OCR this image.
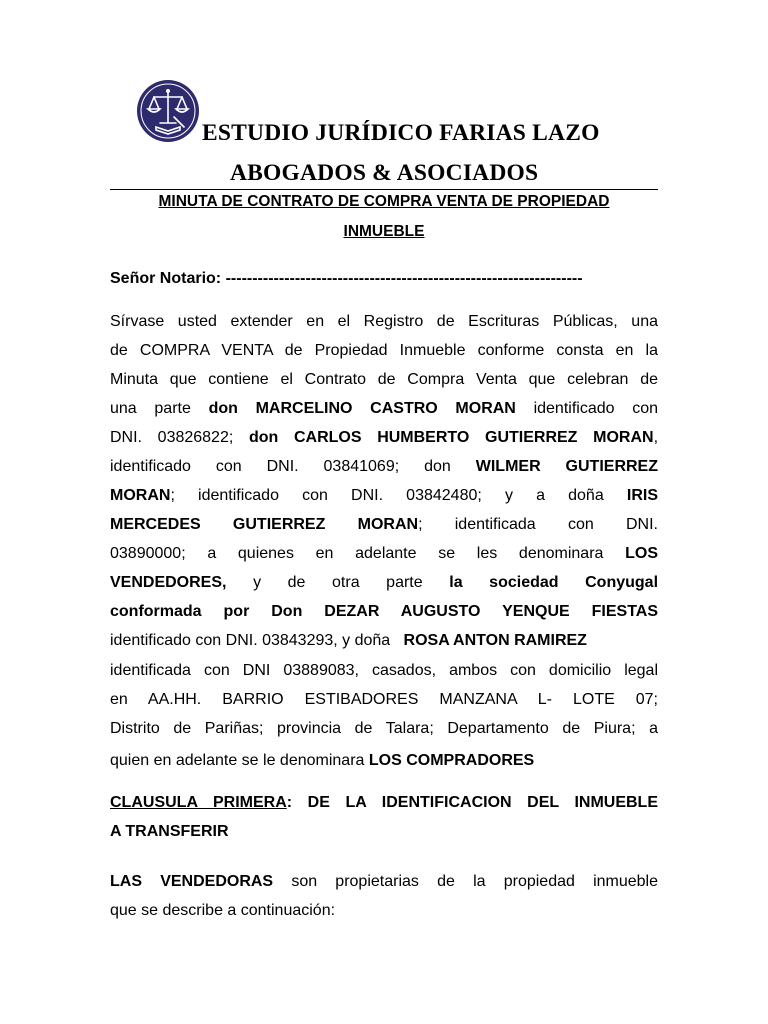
ESTUDIO JURÍDICO FARIAS LAZO
ABOGADOS & ASOCIADOS
MINUTA DE CONTRATO DE COMPRA VENTA DE PROPIEDAD
INMUEBLE
Señor Notario: -------------------------------------------------------------------
Sírvase usted extender en el Registro de Escrituras Públicas, una
de COMPRA VENTA de Propiedad Inmueble conforme consta en la
Minuta que contiene el Contrato de Compra Venta que celebran de
una parte don MARCELINO CASTRO MORAN identificado con
DNI. 03826822; don CARLOS HUMBERTO GUTIERREZ MORAN,
identificado con DNI. 03841069; don WILMER GUTIERREZ
MORAN; identificado con DNI. 03842480; y a doña IRIS
MERCEDES GUTIERREZ MORAN; identificada con DNI.
03890000; a quienes en adelante se les denominara LOS
VENDEDORES, y de otra parte la sociedad Conyugal
conformada por Don DEZAR AUGUSTO YENQUE FIESTAS
identificado con DNI. 03843293, y doña ROSA ANTON RAMIREZ
identificada con DNI 03889083, casados, ambos con domicilio legal
en AA.HH. BARRIO ESTIBADORES MANZANA L- LOTE 07;
Distrito de Pariñas; provincia de Talara; Departamento de Piura; a
quien en adelante se le denominara LOS COMPRADORES
CLAUSULA PRIMERA: DE LA IDENTIFICACION DEL INMUEBLE
A TRANSFERIR
LAS VENDEDORAS son propietarias de la propiedad inmueble
que se describe a continuación:
